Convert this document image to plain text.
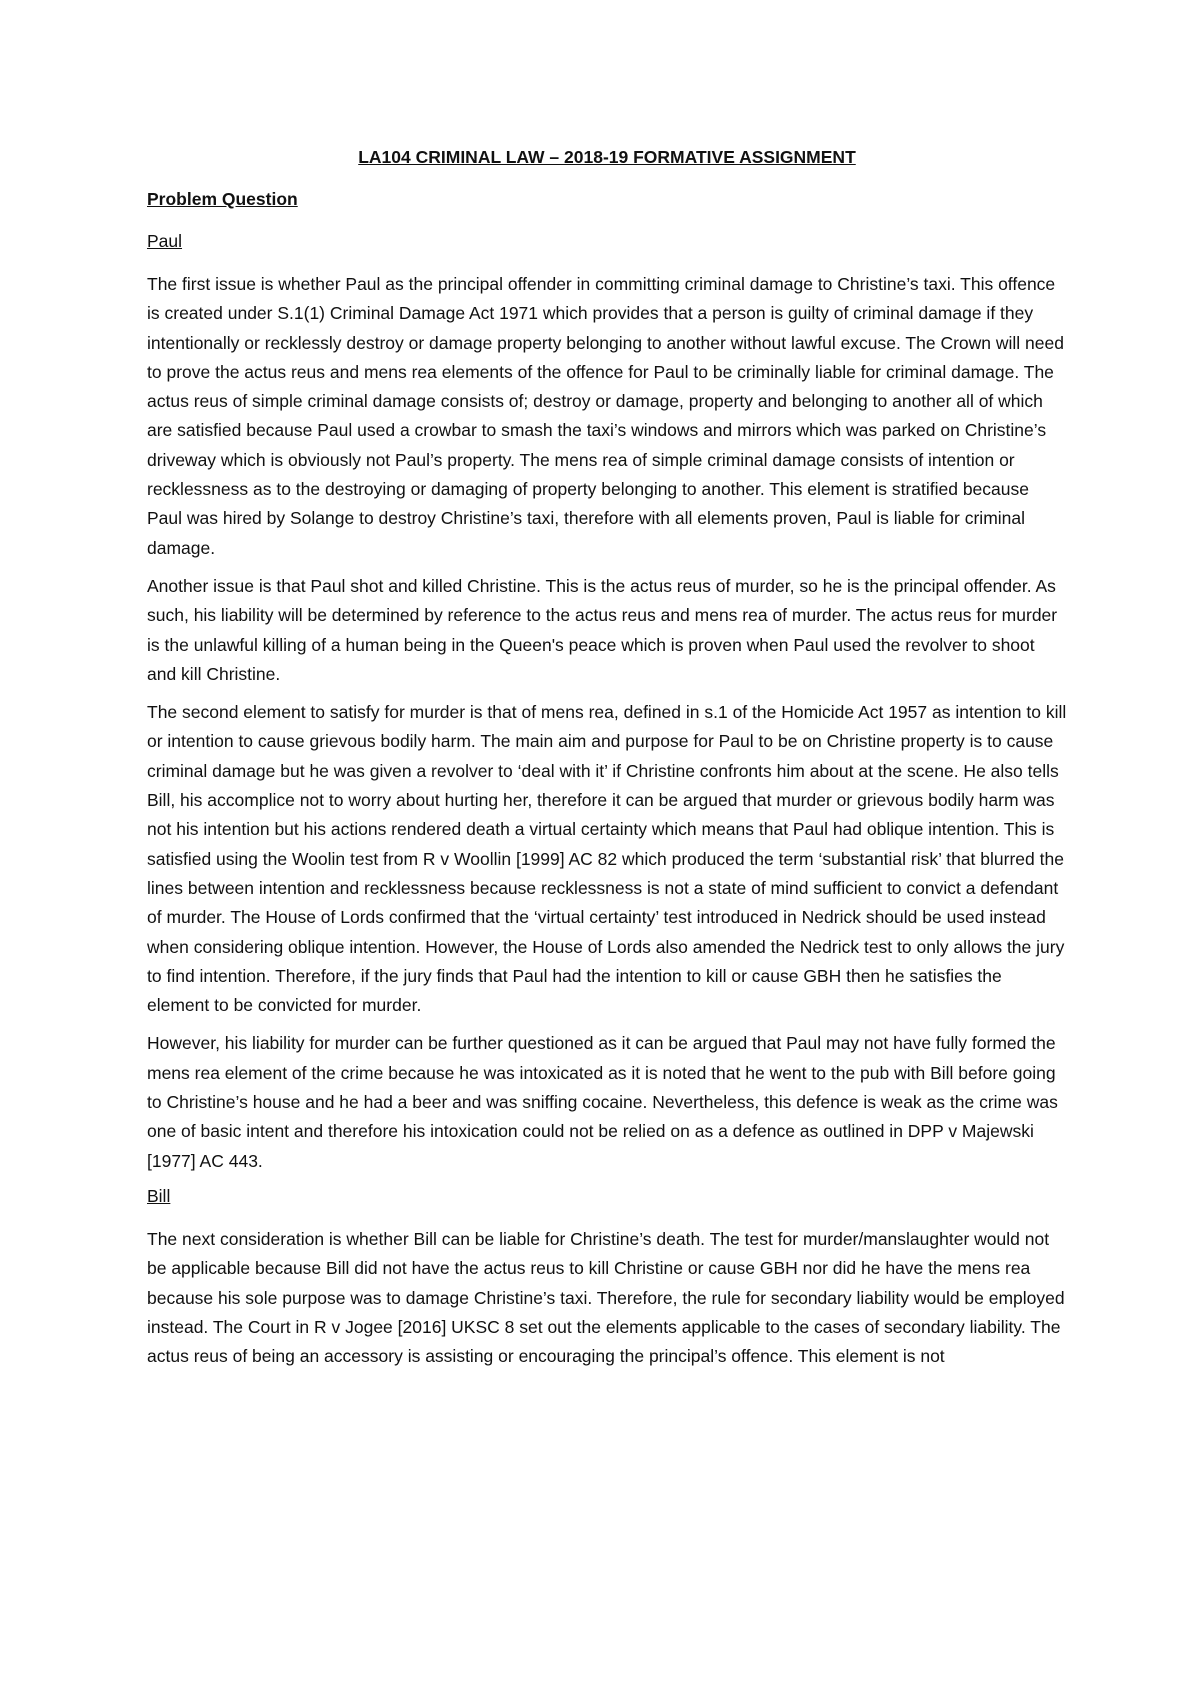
LA104 CRIMINAL LAW – 2018-19 FORMATIVE ASSIGNMENT
Problem Question
Paul

The first issue is whether Paul as the principal offender in committing criminal damage to Christine’s taxi. This offence is created under S.1(1) Criminal Damage Act 1971 which provides that a person is guilty of criminal damage if they intentionally or recklessly destroy or damage property belonging to another without lawful excuse. The Crown will need to prove the actus reus and mens rea elements of the offence for Paul to be criminally liable for criminal damage. The actus reus of simple criminal damage consists of; destroy or damage, property and belonging to another all of which are satisfied because Paul used a crowbar to smash the taxi’s windows and mirrors which was parked on Christine’s driveway which is obviously not Paul’s property. The mens rea of simple criminal damage consists of intention or recklessness as to the destroying or damaging of property belonging to another. This element is stratified because Paul was hired by Solange to destroy Christine’s taxi, therefore with all elements proven, Paul is liable for criminal damage.

Another issue is that Paul shot and killed Christine. This is the actus reus of murder, so he is the principal offender. As such, his liability will be determined by reference to the actus reus and mens rea of murder. The actus reus for murder is the unlawful killing of a human being in the Queen's peace which is proven when Paul used the revolver to shoot and kill Christine.

The second element to satisfy for murder is that of mens rea, defined in s.1 of the Homicide Act 1957 as intention to kill or intention to cause grievous bodily harm. The main aim and purpose for Paul to be on Christine property is to cause criminal damage but he was given a revolver to ‘deal with it’ if Christine confronts him about at the scene. He also tells Bill, his accomplice not to worry about hurting her, therefore it can be argued that murder or grievous bodily harm was not his intention but his actions rendered death a virtual certainty which means that Paul had oblique intention. This is satisfied using the Woolin test from R v Woollin [1999] AC 82 which produced the term ‘substantial risk’ that blurred the lines between intention and recklessness because recklessness is not a state of mind sufficient to convict a defendant of murder. The House of Lords confirmed that the ‘virtual certainty’ test introduced in Nedrick should be used instead when considering oblique intention. However, the House of Lords also amended the Nedrick test to only allows the jury to find intention. Therefore, if the jury finds that Paul had the intention to kill or cause GBH then he satisfies the element to be convicted for murder.

However, his liability for murder can be further questioned as it can be argued that Paul may not have fully formed the mens rea element of the crime because he was intoxicated as it is noted that he went to the pub with Bill before going to Christine’s house and he had a beer and was sniffing cocaine. Nevertheless, this defence is weak as the crime was one of basic intent and therefore his intoxication could not be relied on as a defence as outlined in DPP v Majewski [1977] AC 443.

Bill

The next consideration is whether Bill can be liable for Christine’s death. The test for murder/manslaughter would not be applicable because Bill did not have the actus reus to kill Christine or cause GBH nor did he have the mens rea because his sole purpose was to damage Christine’s taxi. Therefore, the rule for secondary liability would be employed instead. The Court in R v Jogee [2016] UKSC 8 set out the elements applicable to the cases of secondary liability. The actus reus of being an accessory is assisting or encouraging the principal’s offence. This element is not
